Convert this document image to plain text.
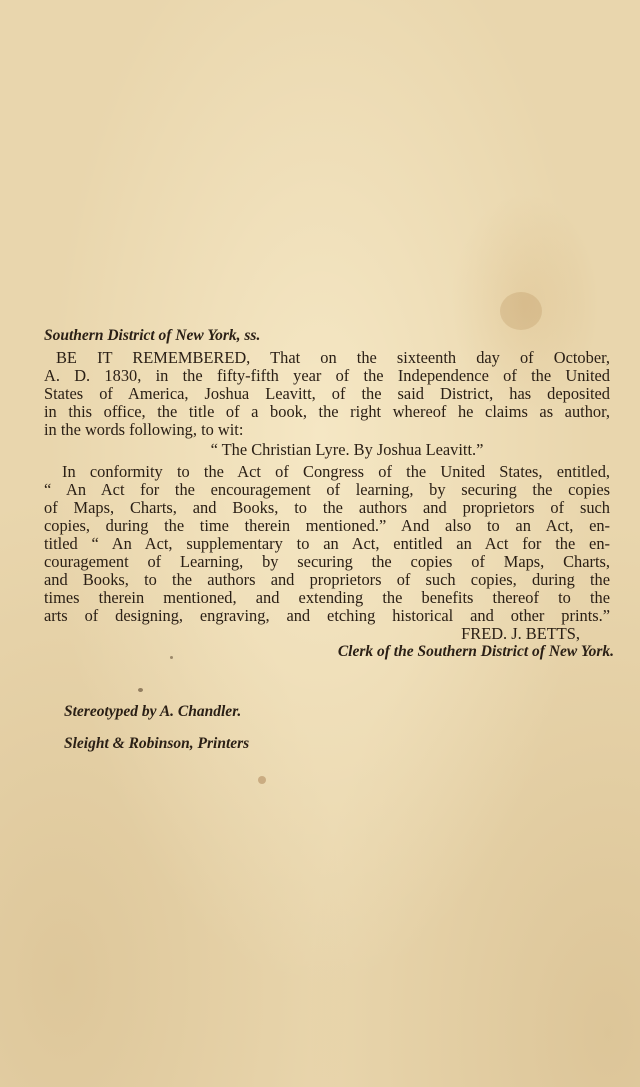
Southern District of New York, ss.
BE IT REMEMBERED, That on the sixteenth day of October,
A. D. 1830, in the fifty-fifth year of the Independence of the United
States of America, Joshua Leavitt, of the said District, has deposited
in this office, the title of a book, the right whereof he claims as author,
in the words following, to wit:
“ The Christian Lyre. By Joshua Leavitt.”
In conformity to the Act of Congress of the United States, entitled,
“ An Act for the encouragement of learning, by securing the copies
of Maps, Charts, and Books, to the authors and proprietors of such
copies, during the time therein mentioned.” And also to an Act, en-
titled “ An Act, supplementary to an Act, entitled an Act for the en-
couragement of Learning, by securing the copies of Maps, Charts,
and Books, to the authors and proprietors of such copies, during the
times therein mentioned, and extending the benefits thereof to the
arts of designing, engraving, and etching historical and other prints.”
FRED. J. BETTS,
Clerk of the Southern District of New York.
Stereotyped by A. Chandler.
Sleight & Robinson, Printers
